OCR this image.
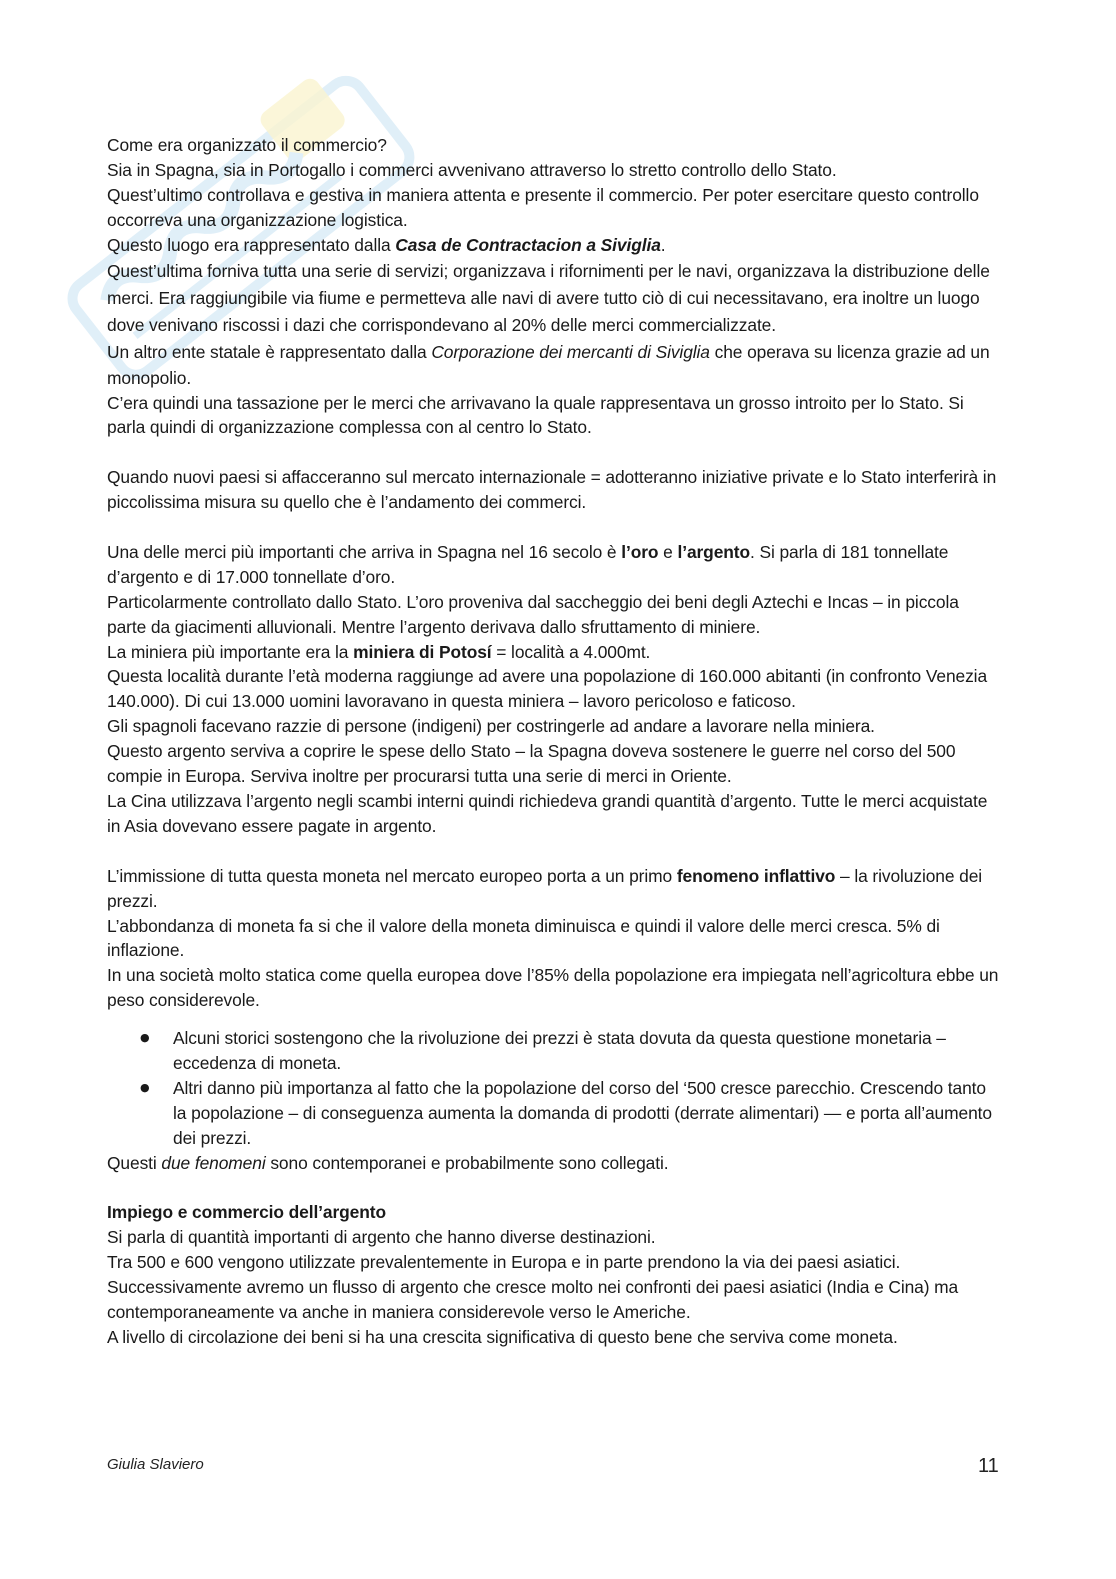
Come era organizzato il commercio?

Sia in Spagna, sia in Portogallo i commerci avvenivano attraverso lo stretto controllo dello Stato.

Quest’ultimo controllava e gestiva in maniera attenta e presente il commercio. Per poter esercitare questo controllo occorreva una organizzazione logistica.

Questo luogo era rappresentato dalla Casa de Contractacion a Siviglia.

Quest’ultima forniva tutta una serie di servizi; organizzava i rifornimenti per le navi, organizzava la distribuzione delle merci. Era raggiungibile via fiume e permetteva alle navi di avere tutto ciò di cui necessitavano, era inoltre un luogo dove venivano riscossi i dazi che corrispondevano al 20% delle merci commercializzate.

Un altro ente statale è rappresentato dalla Corporazione dei mercanti di Siviglia che operava su licenza grazie ad un monopolio.

C’era quindi una tassazione per le merci che arrivavano la quale rappresentava un grosso introito per lo Stato. Si parla quindi di organizzazione complessa con al centro lo Stato.

Quando nuovi paesi si affacceranno sul mercato internazionale = adotteranno iniziative private e lo Stato interferirà in piccolissima misura su quello che è l’andamento dei commerci.

Una delle merci più importanti che arriva in Spagna nel 16 secolo è l’oro e l’argento. Si parla di 181 tonnellate d’argento e di 17.000 tonnellate d’oro.

Particolarmente controllato dallo Stato. L’oro proveniva dal saccheggio dei beni degli Aztechi e Incas – in piccola parte da giacimenti alluvionali. Mentre l’argento derivava dallo sfruttamento di miniere.

La miniera più importante era la miniera di Potosí = località a 4.000mt.

Questa località durante l’età moderna raggiunge ad avere una popolazione di 160.000 abitanti (in confronto Venezia 140.000). Di cui 13.000 uomini lavoravano in questa miniera – lavoro pericoloso e faticoso.

Gli spagnoli facevano razzie di persone (indigeni) per costringerle ad andare a lavorare nella miniera.

Questo argento serviva a coprire le spese dello Stato – la Spagna doveva sostenere le guerre nel corso del 500 compie in Europa. Serviva inoltre per procurarsi tutta una serie di merci in Oriente.

La Cina utilizzava l’argento negli scambi interni quindi richiedeva grandi quantità d’argento. Tutte le merci acquistate in Asia dovevano essere pagate in argento.

L’immissione di tutta questa moneta nel mercato europeo porta a un primo fenomeno inflattivo – la rivoluzione dei prezzi.

L’abbondanza di moneta fa si che il valore della moneta diminuisca e quindi il valore delle merci cresca. 5% di inflazione.

In una società molto statica come quella europea dove l’85% della popolazione era impiegata nell’agricoltura ebbe un peso considerevole.

● Alcuni storici sostengono che la rivoluzione dei prezzi è stata dovuta da questa questione monetaria – eccedenza di moneta.
● Altri danno più importanza al fatto che la popolazione del corso del ‘500 cresce parecchio. Crescendo tanto la popolazione – di conseguenza aumenta la domanda di prodotti (derrate alimentari) — e porta all’aumento dei prezzi.

Questi due fenomeni sono contemporanei e probabilmente sono collegati.

Impiego e commercio dell’argento

Si parla di quantità importanti di argento che hanno diverse destinazioni.

Tra 500 e 600 vengono utilizzate prevalentemente in Europa e in parte prendono la via dei paesi asiatici.

Successivamente avremo un flusso di argento che cresce molto nei confronti dei paesi asiatici (India e Cina) ma contemporaneamente va anche in maniera considerevole verso le Americhe.

A livello di circolazione dei beni si ha una crescita significativa di questo bene che serviva come moneta.

Giulia Slaviero	11
